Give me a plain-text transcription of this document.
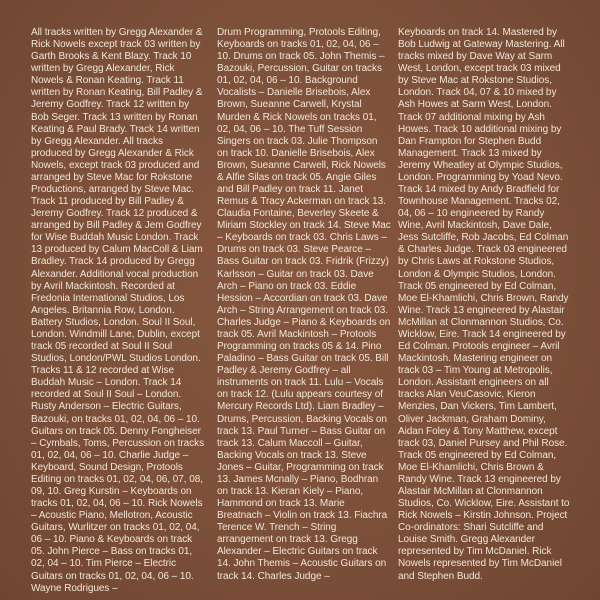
All tracks written by Gregg Alexander & Rick Nowels except track 03 written by Garth Brooks & Kent Blazy. Track 10 written by Gregg Alexander, Rick Nowels & Ronan Keating. Track 11 written by Ronan Keating, Bill Padley & Jeremy Godfrey. Track 12 written by Bob Seger. Track 13 written by Ronan Keating & Paul Brady. Track 14 written by Gregg Alexander. All tracks produced by Gregg Alexander & Rick Nowels, except track 03 produced and arranged by Steve Mac for Rokstone Productions, arranged by Steve Mac. Track 11 produced by Bill Padley & Jeremy Godfrey. Track 12 produced & arranged by Bill Padley & Jem Godfrey for Wise Buddah Music London. Track 13 produced by Calum MacColl & Liam Bradley. Track 14 produced by Gregg Alexander. Additional vocal production by Avril Mackintosh. Recorded at Fredonia International Studios, Los Angeles. Britannia Row, London. Battery Studios, London. Soul II Soul, London. Windmill Lane, Dublin, except track 05 recorded at Soul II Soul Studios, London/PWL Studios London. Tracks 11 & 12 recorded at Wise Buddah Music – London. Track 14 recorded at Soul II Soul – London. Rusty Anderson – Electric Guitars, Bazouki, on tracks 01, 02, 04, 06 – 10. Guitars on track 05. Denny Fongheiser – Cymbals, Toms, Percussion on tracks 01, 02, 04, 06 – 10. Charlie Judge – Keyboard, Sound Design, Protools Editing on tracks 01, 02, 04, 06, 07, 08, 09, 10. Greg Kurstin – Keyboards on tracks 01, 02, 04, 06 – 10. Rick Nowels – Acoustic Piano, Mellotron, Acoustic Guitars, Wurlitzer on tracks 01, 02, 04, 06 – 10. Piano & Keyboards on track 05. John Pierce – Bass on tracks 01, 02, 04 – 10. Tim Pierce – Electric Guitars on tracks 01, 02, 04, 06 – 10. Wayne Rodrigues –

Drum Programming, Protools Editing, Keyboards on tracks 01, 02, 04, 06 – 10. Drums on track 05. John Themis – Bazouki, Percussion, Guitar on tracks 01, 02, 04, 06 – 10. Background Vocalists – Danielle Brisebois, Alex Brown, Sueanne Carwell, Krystal Murden & Rick Nowels on tracks 01, 02, 04, 06 – 10. The Tuff Session Singers on track 03. Julie Thompson on track 10. Danielle Brisebois, Alex Brown, Sueanne Carwell, Rick Nowels & Alfie Silas on track 05. Angie Giles and Bill Padley on track 11. Janet Remus & Tracy Ackerman on track 13. Claudia Fontaine, Beverley Skeete & Miriam Stockley on track 14. Steve Mac – Keyboards on track 03. Chris Laws – Drums on track 03. Steve Pearce – Bass Guitar on track 03. Fridrik (Frizzy) Karlsson – Guitar on track 03. Dave Arch – Piano on track 03. Eddie Hession – Accordian on track 03. Dave Arch – String Arrangement on track 03. Charles Judge – Piano & Keyboards on track 05. Avril Mackintosh – Protools Programming on tracks 05 & 14. Pino Paladino – Bass Guitar on track 05. Bill Padley & Jeremy Godfrey – all instruments on track 11. Lulu – Vocals on track 12. (Lulu appears courtesy of Mercury Records Ltd). Liam Bradley – Drums, Percussion, Backing Vocals on track 13. Paul Turner – Bass Guitar on track 13. Calum Maccoll – Guitar, Backing Vocals on track 13. Steve Jones – Guitar, Programming on track 13. James Mcnally – Piano, Bodhran on track 13. Kieran Kiely – Piano, Hammond on track 13. Marie Breatnach – Violin on track 13. Fiachra Terence W. Trench – String arrangement on track 13. Gregg Alexander – Electric Guitars on track 14. John Themis – Acoustic Guitars on track 14. Charles Judge –

Keyboards on track 14. Mastered by Bob Ludwig at Gateway Mastering. All tracks mixed by Dave Way at Sarm West, London, except track 03 mixed by Steve Mac at Rokstone Studios, London. Track 04, 07 & 10 mixed by Ash Howes at Sarm West, London. Track 07 additional mixing by Ash Howes. Track 10 additional mixing by Dan Frampton for Stephen Budd Management. Track 13 mixed by Jeremy Wheatley at Olympic Studios, London. Programming by Yoad Nevo. Track 14 mixed by Andy Bradfield for Townhouse Management. Tracks 02, 04, 06 – 10 engineered by Randy Wine, Avril Mackintosh, Dave Dale, Jess Sutcliffe, Rob Jacobs, Ed Colman & Charles Judge. Track 03 engineered by Chris Laws at Rokstone Studios, London & Olympic Studios, London. Track 05 engineered by Ed Colman, Moe El-Khamlichi, Chris Brown, Randy Wine. Track 13 engineered by Alastair McMillan at Clonmannon Studios, Co. Wicklow, Eire. Track 14 engineered by Ed Colman. Protools engineer – Avril Mackintosh. Mastering engineer on track 03 – Tim Young at Metropolis, London. Assistant engineers on all tracks Alan VeuCasovic, Kieron Menzies, Dan Vickers, Tim Lambert, Oliver Jackman, Graham Dominy, Aidan Foley & Tony Matthew, except track 03, Daniel Pursey and Phil Rose. Track 05 engineered by Ed Colman, Moe El-Khamlichi, Chris Brown & Randy Wine. Track 13 engineered by Alastair McMillan at Clonmannon Studios, Co. Wicklow, Eire. Assistant to Rick Nowels – Kirstin Johnson. Project Co-ordinators: Shari Sutcliffe and Louise Smith. Gregg Alexander represented by Tim McDaniel. Rick Nowels represented by Tim McDaniel and Stephen Budd.
